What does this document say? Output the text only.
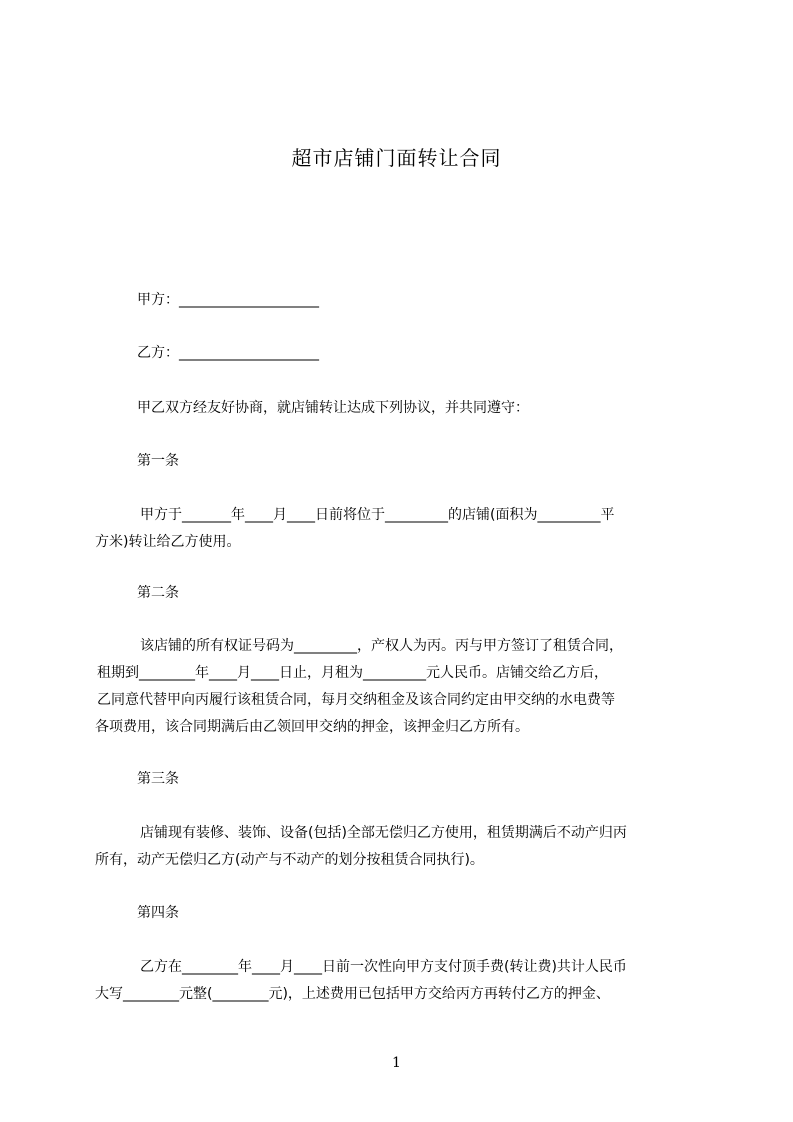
超市店铺门面转让合同
甲方：____________________
乙方：____________________
甲乙双方经友好协商，就店铺转让达成下列协议，并共同遵守：
第一条
甲方于_______年____月____日前将位于_________的店铺(面积为_________平
方米)转让给乙方使用。
第二条
该店铺的所有权证号码为_________，产权人为丙。丙与甲方签订了租赁合同，
租期到________年____月____日止，月租为_________元人民币。店铺交给乙方后，
乙同意代替甲向丙履行该租赁合同，每月交纳租金及该合同约定由甲交纳的水电费等
各项费用，该合同期满后由乙领回甲交纳的押金，该押金归乙方所有。
第三条
店铺现有装修、装饰、设备(包括)全部无偿归乙方使用，租赁期满后不动产归丙
所有，动产无偿归乙方(动产与不动产的划分按租赁合同执行)。
第四条
乙方在________年____月____日前一次性向甲方支付顶手费(转让费)共计人民币
大写________元整(________元)，上述费用已包括甲方交给丙方再转付乙方的押金、
1
